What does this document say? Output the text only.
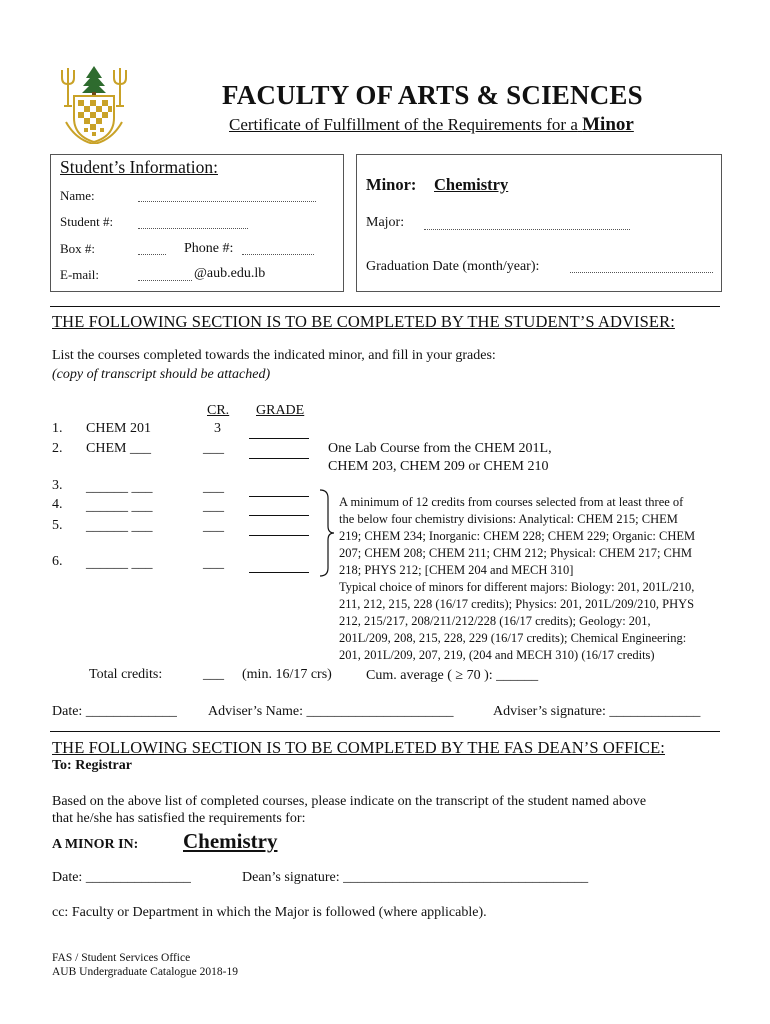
FACULTY OF ARTS & SCIENCES
Certificate of Fulfillment of the Requirements for a Minor
Student’s Information:
Name:
Student #:
Box #:	Phone #:
E-mail:	@aub.edu.lb
Minor: Chemistry
Major:
Graduation Date (month/year):
THE FOLLOWING SECTION IS TO BE COMPLETED BY THE STUDENT’S ADVISER:
List the courses completed towards the indicated minor, and fill in your grades:
(copy of transcript should be attached)
CR. GRADE
1. CHEM 201	3
2. CHEM ___	___	One Lab Course from the CHEM 201L,
CHEM 203, CHEM 209 or CHEM 210
3. ______ ___	___
4. ______ ___	___
5. ______ ___	___
6. ______ ___	___
A minimum of 12 credits from courses selected from at least three of
the below four chemistry divisions: Analytical: CHEM 215; CHEM
219; CHEM 234; Inorganic: CHEM 228; CHEM 229; Organic: CHEM
207; CHEM 208; CHEM 211; CHM 212; Physical: CHEM 217; CHM
218; PHYS 212; [CHEM 204 and MECH 310]
Typical choice of minors for different majors: Biology: 201, 201L/210,
211, 212, 215, 228 (16/17 credits); Physics: 201, 201L/209/210, PHYS
212, 215/217, 208/211/212/228 (16/17 credits); Geology: 201,
201L/209, 208, 215, 228, 229 (16/17 credits); Chemical Engineering:
201, 201L/209, 207, 219, (204 and MECH 310) (16/17 credits)
Total credits:	___ (min. 16/17 crs) Cum. average ( ≥ 70 ): ______
Date: _____________ Adviser’s Name: _____________________	Adviser’s signature: _____________
THE FOLLOWING SECTION IS TO BE COMPLETED BY THE FAS DEAN’S OFFICE:
To: Registrar
Based on the above list of completed courses, please indicate on the transcript of the student named above
that he/she has satisfied the requirements for:
A MINOR IN: Chemistry
Date: _______________	Dean’s signature: ___________________________________
cc: Faculty or Department in which the Major is followed (where applicable).
FAS / Student Services Office
AUB Undergraduate Catalogue 2018-19
